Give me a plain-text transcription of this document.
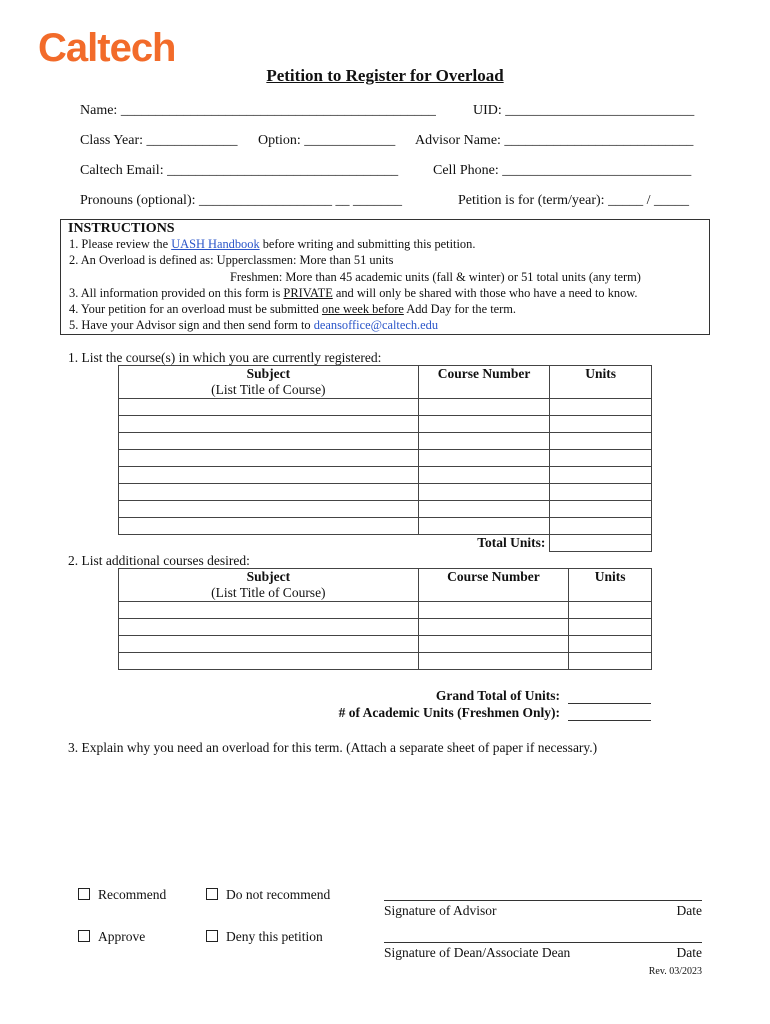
Caltech
Petition to Register for Overload
Name: _____________________________________________	UID: ___________________________
Class Year: _____________ Option: _____________ Advisor Name: ___________________________
Caltech Email: _________________________________ Cell Phone: ___________________________
Pronouns (optional): ___________________ __ _______	Petition is for (term/year): _____ / _____
INSTRUCTIONS
1. Please review the UASH Handbook before writing and submitting this petition.
2. An Overload is defined as: Upperclassmen: More than 51 units
Freshmen: More than 45 academic units (fall & winter) or 51 total units (any term)
3. All information provided on this form is PRIVATE and will only be shared with those who have a need to know.
4. Your petition for an overload must be submitted one week before Add Day for the term.
5. Have your Advisor sign and then send form to deansoffice@caltech.edu
1. List the course(s) in which you are currently registered:
Subject
(List Title of Course)	Course Number	Units

	Total Units:	
2. List additional courses desired:
Subject
(List Title of Course)	Course Number	Units

Grand Total of Units:
# of Academic Units (Freshmen Only):
3. Explain why you need an overload for this term. (Attach a separate sheet of paper if necessary.)
Recommend	Do not recommend
Approve	Deny this petition
Signature of Advisor	Date
Signature of Dean/Associate Dean	Date
Rev. 03/2023
